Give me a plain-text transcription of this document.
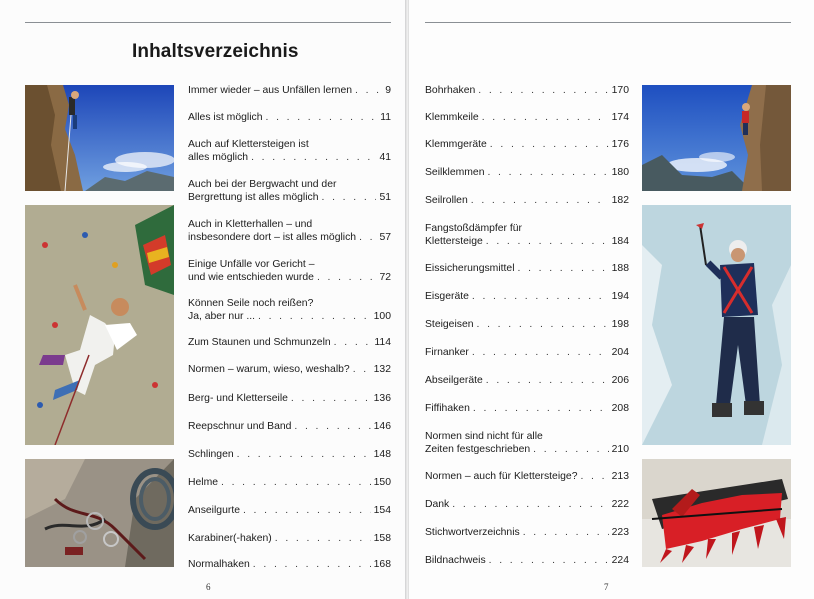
Inhaltsverzeichnis
Immer wieder – aus Unfällen lernen . . .	9
Alles ist möglich . . .	11
Auch auf Klettersteigen ist
alles möglich . . .	41
Auch bei der Bergwacht und der
Bergrettung ist alles möglich . . .	51
Auch in Kletterhallen – und
insbesondere dort – ist alles möglich . . . 57
Einige Unfälle vor Gericht –
und wie entschieden wurde . . .	72
Können Seile noch reißen?
Ja, aber nur ... . . .	100
Zum Staunen und Schmunzeln . . .	114
Normen – warum, wieso, weshalb? . . . 132
Berg- und Kletterseile . . .	136
Reepschnur und Band . . .	146
Schlingen . . .	148
Helme . . .	150
Anseilgurte . . .	154
Karabiner(-haken) . . .	158
Normalhaken . . .	168
6
Bohrhaken . . .	170
Klemmkeile . . .	174
Klemmgeräte . . .	176
Seilklemmen . . .	180
Seilrollen . . .	182
Fangstoßdämpfer für
Klettersteige . . .	184
Eissicherungsmittel . . .	188
Eisgeräte . . .	194
Steigeisen . . .	198
Firnanker . . .	204
Abseilgeräte . . .	206
Fiffihaken . . .	208
Normen sind nicht für alle
Zeiten festgeschrieben . . .	210
Normen – auch für Klettersteige? . . .	213
Dank . . .	222
Stichwortverzeichnis . . .	223
Bildnachweis . . .	224
7
